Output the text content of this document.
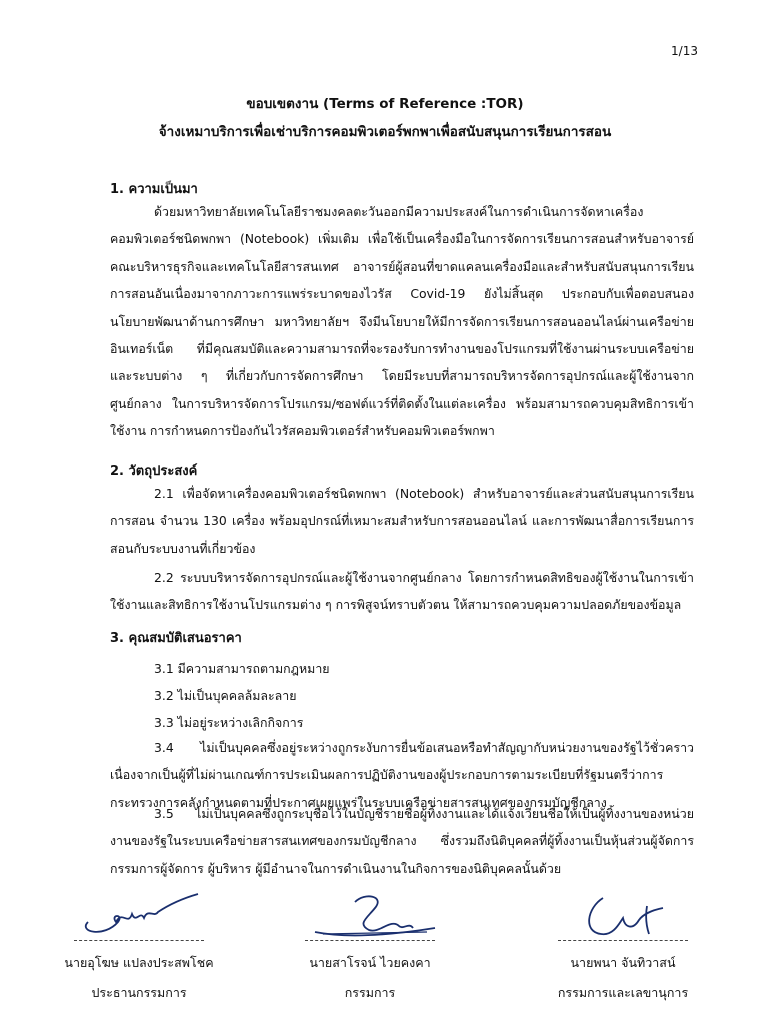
1/13
ขอบเขตงาน (Terms of Reference :TOR)
จ้างเหมาบริการเพื่อเช่าบริการคอมพิวเตอร์พกพาเพื่อสนับสนุนการเรียนการสอน
1. ความเป็นมา

ด้วยมหาวิทยาลัยเทคโนโลยีราชมงคลตะวันออกมีความประสงค์ในการดำเนินการจัดหาเครื่องคอมพิวเตอร์ชนิดพกพา (Notebook) เพิ่มเติม เพื่อใช้เป็นเครื่องมือในการจัดการเรียนการสอนสำหรับอาจารย์คณะบริหารธุรกิจและเทคโนโลยีสารสนเทศ อาจารย์ผู้สอนที่ขาดแคลนเครื่องมือและสำหรับสนับสนุนการเรียนการสอนอันเนื่องมาจากภาวะการแพร่ระบาดของไวรัส Covid-19 ยังไม่สิ้นสุด ประกอบกับเพื่อตอบสนองนโยบายพัฒนาด้านการศึกษา มหาวิทยาลัยฯ จึงมีนโยบายให้มีการจัดการเรียนการสอนออนไลน์ผ่านเครือข่ายอินเทอร์เน็ต ที่มีคุณสมบัติและความสามารถที่จะรองรับการทำงานของโปรแกรมที่ใช้งานผ่านระบบเครือข่ายและระบบต่าง ๆ ที่เกี่ยวกับการจัดการศึกษา โดยมีระบบที่สามารถบริหารจัดการอุปกรณ์และผู้ใช้งานจากศูนย์กลาง ในการบริหารจัดการโปรแกรม/ซอฟต์แวร์ที่ติดตั้งในแต่ละเครื่อง พร้อมสามารถควบคุมสิทธิการเข้าใช้งาน การกำหนดการป้องกันไวรัสคอมพิวเตอร์สำหรับคอมพิวเตอร์พกพา

2. วัตถุประสงค์

2.1 เพื่อจัดหาเครื่องคอมพิวเตอร์ชนิดพกพา (Notebook) สำหรับอาจารย์และส่วนสนับสนุนการเรียนการสอน จำนวน 130 เครื่อง พร้อมอุปกรณ์ที่เหมาะสมสำหรับการสอนออนไลน์ และการพัฒนาสื่อการเรียนการสอนกับระบบงานที่เกี่ยวข้อง

2.2 ระบบบริหารจัดการอุปกรณ์และผู้ใช้งานจากศูนย์กลาง โดยการกำหนดสิทธิของผู้ใช้งานในการเข้าใช้งานและสิทธิการใช้งานโปรแกรมต่าง ๆ การพิสูจน์ทราบตัวตน ให้สามารถควบคุมความปลอดภัยของข้อมูล

3. คุณสมบัติเสนอราคา
3.1 มีความสามารถตามกฎหมาย
3.2 ไม่เป็นบุคคลล้มละลาย
3.3 ไม่อยู่ระหว่างเลิกกิจการ

3.4 ไม่เป็นบุคคลซึ่งอยู่ระหว่างถูกระงับการยื่นข้อเสนอหรือทำสัญญากับหน่วยงานของรัฐไว้ชั่วคราวเนื่องจากเป็นผู้ที่ไม่ผ่านเกณฑ์การประเมินผลการปฏิบัติงานของผู้ประกอบการตามระเบียบที่รัฐมนตรีว่าการกระทรวงการคลังกำหนดตามที่ประกาศเผยแพร่ในระบบเครือข่ายสารสนเทศของกรมบัญชีกลาง

3.5 ไม่เป็นบุคคลซึ่งถูกระบุชื่อไว้ในบัญชีรายชื่อผู้ทิ้งงานและได้แจ้งเวียนชื่อให้เป็นผู้ทิ้งงานของหน่วยงานของรัฐในระบบเครือข่ายสารสนเทศของกรมบัญชีกลาง ซึ่งรวมถึงนิติบุคคลที่ผู้ทิ้งงานเป็นหุ้นส่วนผู้จัดการ กรรมการผู้จัดการ ผู้บริหาร ผู้มีอำนาจในการดำเนินงานในกิจการของนิติบุคคลนั้นด้วย

นายอุโฆษ แปลงประสพโชค
ประธานกรรมการ
นายสาโรจน์ ไวยคงคา
กรรมการ
นายพนา จันทิวาสน์
กรรมการและเลขานุการ
